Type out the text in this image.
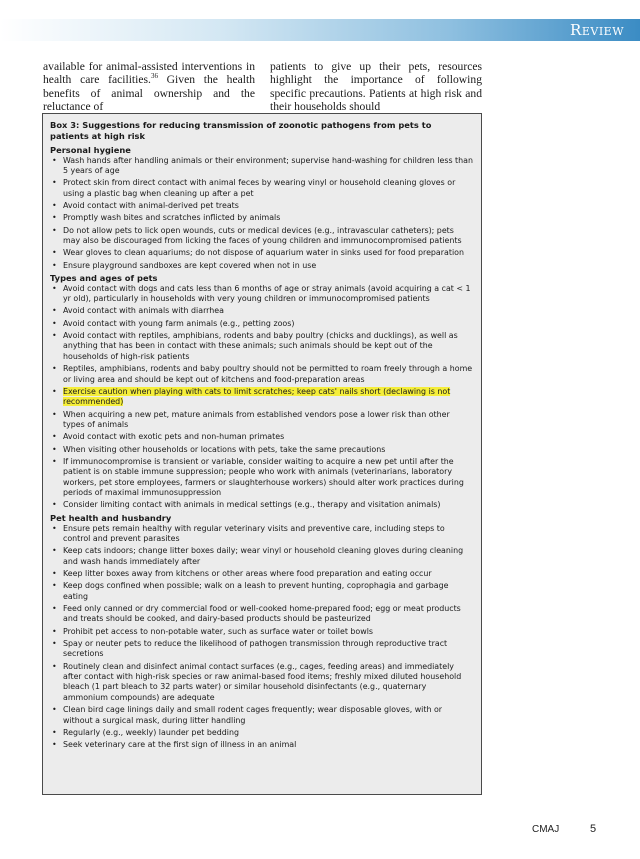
Review

available for animal-assisted interventions in health care facilities.$^{36}$ Given the health benefits of animal ownership and the reluctance of

patients to give up their pets, resources highlight the importance of following specific precautions. Patients at high risk and their households should

Box 3: Suggestions for reducing transmission of zoonotic pathogens from pets to patients at high risk
Personal hygiene
• Wash hands after handling animals or their environment; supervise hand-washing for children less than 5 years of age
• Protect skin from direct contact with animal feces by wearing vinyl or household cleaning gloves or using a plastic bag when cleaning up after a pet
• Avoid contact with animal-derived pet treats
• Promptly wash bites and scratches inflicted by animals
• Do not allow pets to lick open wounds, cuts or medical devices (e.g., intravascular catheters); pets may also be discouraged from licking the faces of young children and immunocompromised patients
• Wear gloves to clean aquariums; do not dispose of aquarium water in sinks used for food preparation
• Ensure playground sandboxes are kept covered when not in use
Types and ages of pets
• Avoid contact with dogs and cats less than 6 months of age or stray animals (avoid acquiring a cat < 1 yr old), particularly in households with very young children or immunocompromised patients
• Avoid contact with animals with diarrhea
• Avoid contact with young farm animals (e.g., petting zoos)
• Avoid contact with reptiles, amphibians, rodents and baby poultry (chicks and ducklings), as well as anything that has been in contact with these animals; such animals should be kept out of the households of high-risk patients
• Reptiles, amphibians, rodents and baby poultry should not be permitted to roam freely through a home or living area and should be kept out of kitchens and food-preparation areas
• Exercise caution when playing with cats to limit scratches; keep cats' nails short (declawing is not recommended)
• When acquiring a new pet, mature animals from established vendors pose a lower risk than other types of animals
• Avoid contact with exotic pets and non-human primates
• When visiting other households or locations with pets, take the same precautions
• If immunocompromise is transient or variable, consider waiting to acquire a new pet until after the patient is on stable immune suppression; people who work with animals (veterinarians, laboratory workers, pet store employees, farmers or slaughterhouse workers) should alter work practices during periods of maximal immunosuppression
• Consider limiting contact with animals in medical settings (e.g., therapy and visitation animals)
Pet health and husbandry
• Ensure pets remain healthy with regular veterinary visits and preventive care, including steps to control and prevent parasites
• Keep cats indoors; change litter boxes daily; wear vinyl or household cleaning gloves during cleaning and wash hands immediately after
• Keep litter boxes away from kitchens or other areas where food preparation and eating occur
• Keep dogs confined when possible; walk on a leash to prevent hunting, coprophagia and garbage eating
• Feed only canned or dry commercial food or well-cooked home-prepared food; egg or meat products and treats should be cooked, and dairy-based products should be pasteurized
• Prohibit pet access to non-potable water, such as surface water or toilet bowls
• Spay or neuter pets to reduce the likelihood of pathogen transmission through reproductive tract secretions
• Routinely clean and disinfect animal contact surfaces (e.g., cages, feeding areas) and immediately after contact with high-risk species or raw animal-based food items; freshly mixed diluted household bleach (1 part bleach to 32 parts water) or similar household disinfectants (e.g., quaternary ammonium compounds) are adequate
• Clean bird cage linings daily and small rodent cages frequently; wear disposable gloves, with or without a surgical mask, during litter handling
• Regularly (e.g., weekly) launder pet bedding
• Seek veterinary care at the first sign of illness in an animal
CMAJ	5
